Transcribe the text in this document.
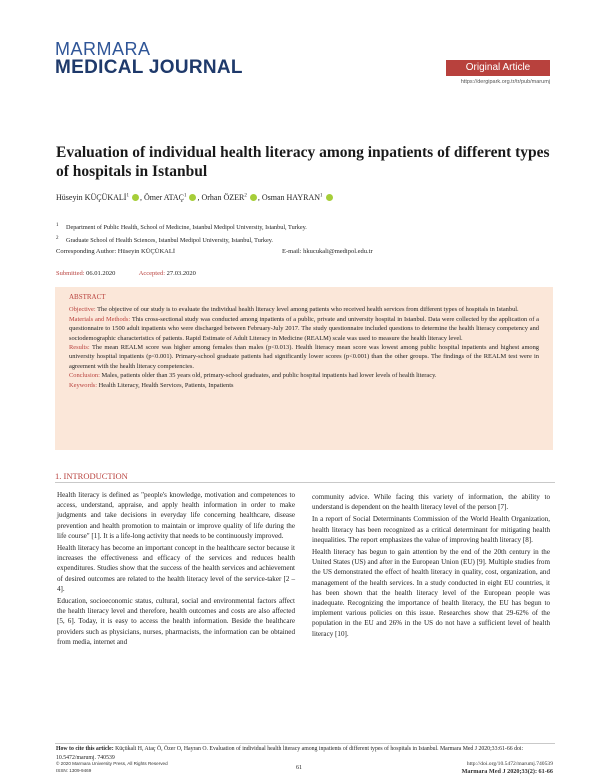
MARMARA
MEDICAL JOURNAL	Original Article
https://dergipark.org.tr/tr/pub/marumj
Evaluation of individual health literacy among inpatients of different types of hospitals in Istanbul
Hüseyin KÜÇÜKALİ$^1$ , Ömer ATAÇ$^1$ , Orhan ÖZER$^2$ , Osman HAYRAN$^1$
1 Department of Public Health, School of Medicine, Istanbul Medipol University, Istanbul, Turkey.
2 Graduate School of Health Sciences, Istanbul Medipol University, Istanbul, Turkey.
Corresponding Author: Hüseyin KÜÇÜKALİ	E-mail: hkucukali@medipol.edu.tr
Submitted: 06.01.2020	Accepted: 27.03.2020
ABSTRACT
Objective: The objective of our study is to evaluate the individual health literacy level among patients who received health services from different types of hospitals in Istanbul.
Materials and Methods: This cross-sectional study was conducted among inpatients of a public, private and university hospital in Istanbul. Data were collected by the application of a questionnaire to 1500 adult inpatients who were discharged between February-July 2017. The study questionnaire included questions to determine the health literacy competency and sociodemographic characteristics of patients. Rapid Estimate of Adult Literacy in Medicine (REALM) scale was used to measure the health literacy level.
Results: The mean REALM score was higher among females than males (p<0.013). Health literacy mean score was lowest among public hospital inpatients and highest among university hospital inpatients (p<0.001). Primary-school graduate patients had significantly lower scores (p<0.001) than the other groups. The findings of the REALM test were in agreement with the health literacy competencies.
Conclusion: Males, patients older than 35 years old, primary-school graduates, and public hospital inpatients had lower levels of health literacy.
Keywords: Health Literacy, Health Services, Patients, Inpatients
1. INTRODUCTION

Health literacy is defined as "people's knowledge, motivation and competences to access, understand, appraise, and apply health information in order to make judgments and take decisions in everyday life concerning healthcare, disease prevention and health promotion to maintain or improve quality of life during the life course" [1]. It is a life-long activity that needs to be continuously improved.

Health literacy has become an important concept in the healthcare sector because it increases the effectiveness and efficacy of the services and reduces health expenditures. Studies show that the success of the health services and achievement of desired outcomes are related to the health literacy level of the service-taker [2 – 4].

Education, socioeconomic status, cultural, social and environmental factors affect the health literacy level and therefore, health outcomes and costs are also affected [5, 6]. Today, it is easy to access the health information. Beside the healthcare providers such as physicians, nurses, pharmacists, the information can be obtained from media, internet and

community advice. While facing this variety of information, the ability to understand is dependent on the health literacy level of the person [7].

In a report of Social Determinants Commission of the World Health Organization, health literacy has been recognized as a critical determinant for mitigating health inequalities. The report emphasizes the value of improving health literacy [8].

Health literacy has begun to gain attention by the end of the 20th century in the United States (US) and after in the European Union (EU) [9]. Multiple studies from the US demonstrated the effect of health literacy in quality, cost, organization, and management of the health services. In a study conducted in eight EU countries, it has been shown that the health literacy level of the European people was inadequate. Recognizing the importance of health literacy, the EU has begun to implement various policies on this issue. Researches show that 29-62% of the population in the EU and 26% in the US do not have a sufficient level of health literacy [10].

How to cite this article: Küçükali H, Ataç Ö, Özer O, Hayran O. Evaluation of individual health literacy among inpatients of different types of hospitals in Istanbul. Marmara Med J 2020;33:61-66 doi: 10.5472/marumj. 740539
© 2020 Marmara University Press, All Rights Reserved
ISSN: 1309-9469	61
http://doi.org/10.5472/marumj.740539
Marmara Med J 2020;33(2): 61-66
